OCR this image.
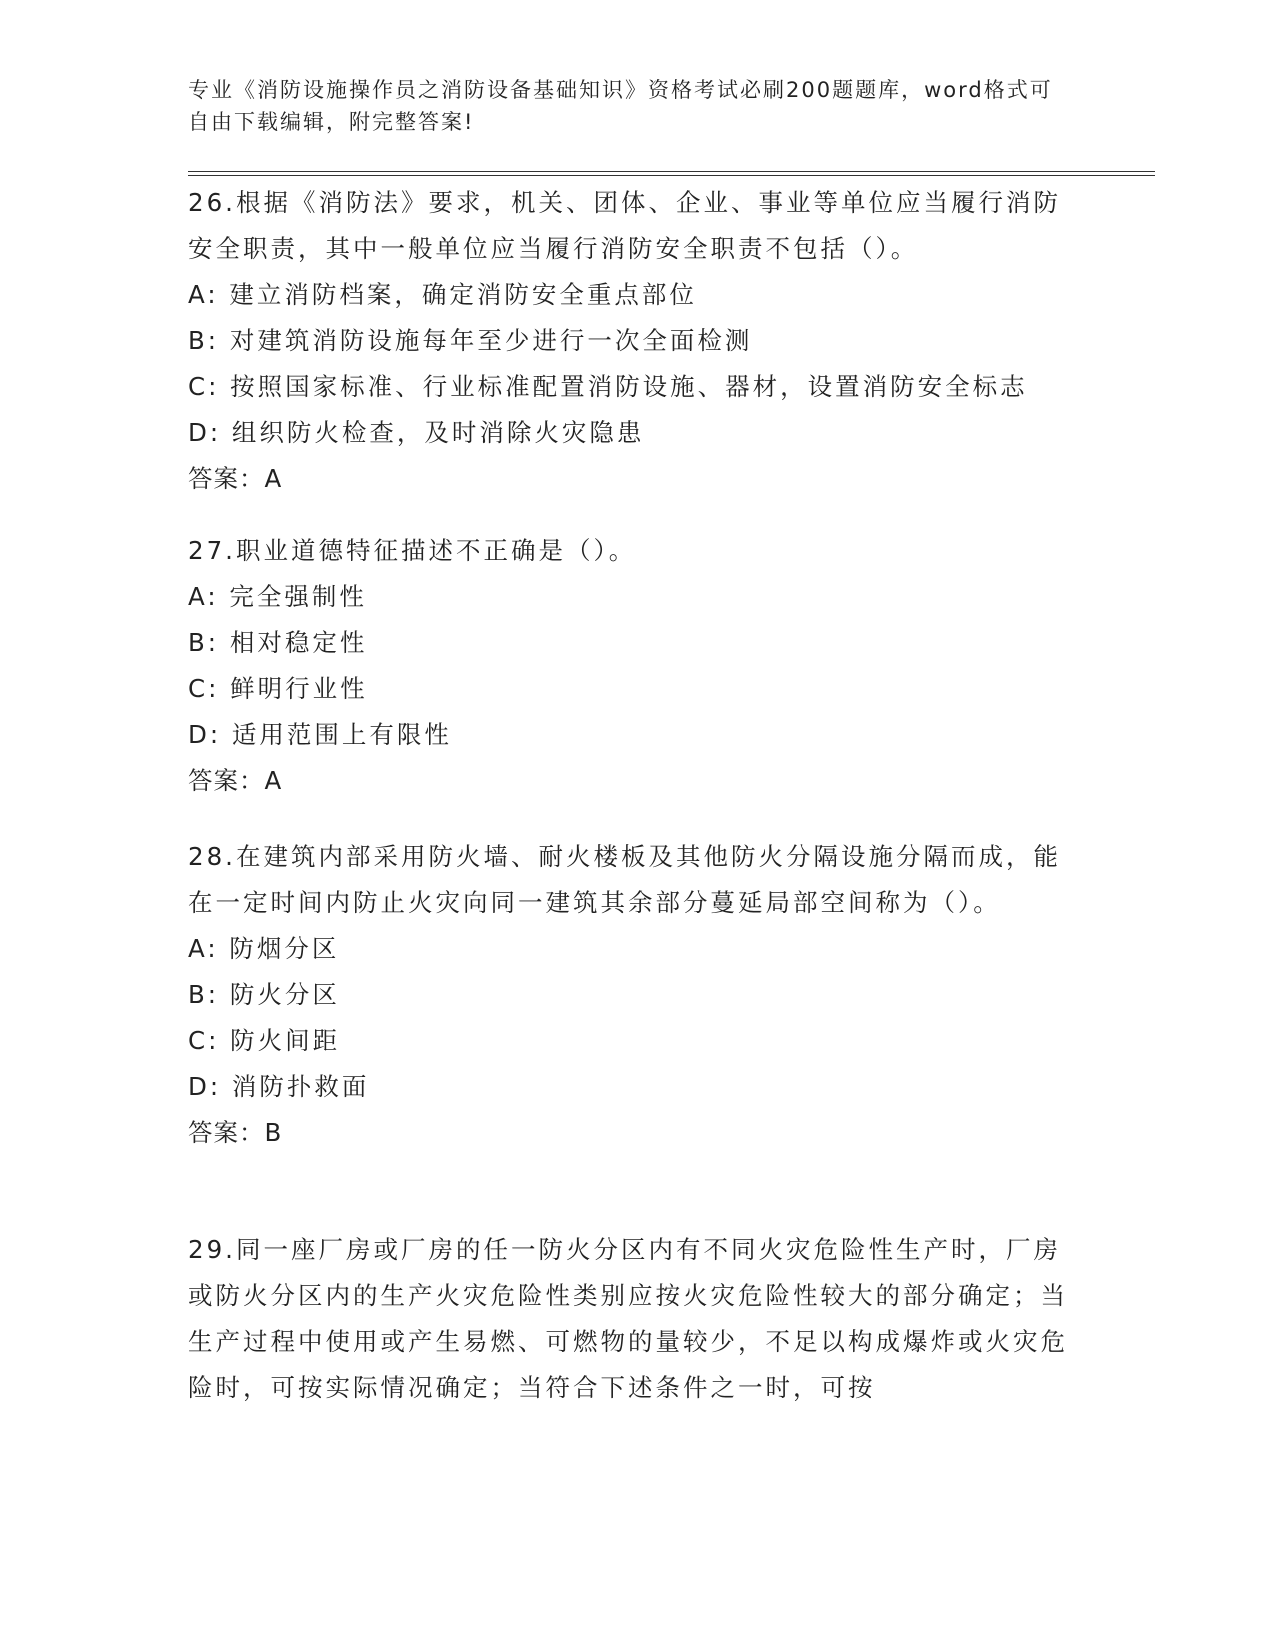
专业《消防设施操作员之消防设备基础知识》资格考试必刷200题题库，word格式可自由下载编辑，附完整答案!

26.根据《消防法》要求，机关、团体、企业、事业等单位应当履行消防安全职责，其中一般单位应当履行消防安全职责不包括（）。

A: 建立消防档案，确定消防安全重点部位

B: 对建筑消防设施每年至少进行一次全面检测

C: 按照国家标准、行业标准配置消防设施、器材，设置消防安全标志

D: 组织防火检查，及时消除火灾隐患

答案：A

27.职业道德特征描述不正确是（）。

A: 完全强制性

B: 相对稳定性

C: 鲜明行业性

D: 适用范围上有限性

答案：A

28.在建筑内部采用防火墙、耐火楼板及其他防火分隔设施分隔而成，能在一定时间内防止火灾向同一建筑其余部分蔓延局部空间称为（）。

A: 防烟分区

B: 防火分区

C: 防火间距

D: 消防扑救面

答案：B

29.同一座厂房或厂房的任一防火分区内有不同火灾危险性生产时，厂房或防火分区内的生产火灾危险性类别应按火灾危险性较大的部分确定；当生产过程中使用或产生易燃、可燃物的量较少，不足以构成爆炸或火灾危险时，可按实际情况确定；当符合下述条件之一时，可按
